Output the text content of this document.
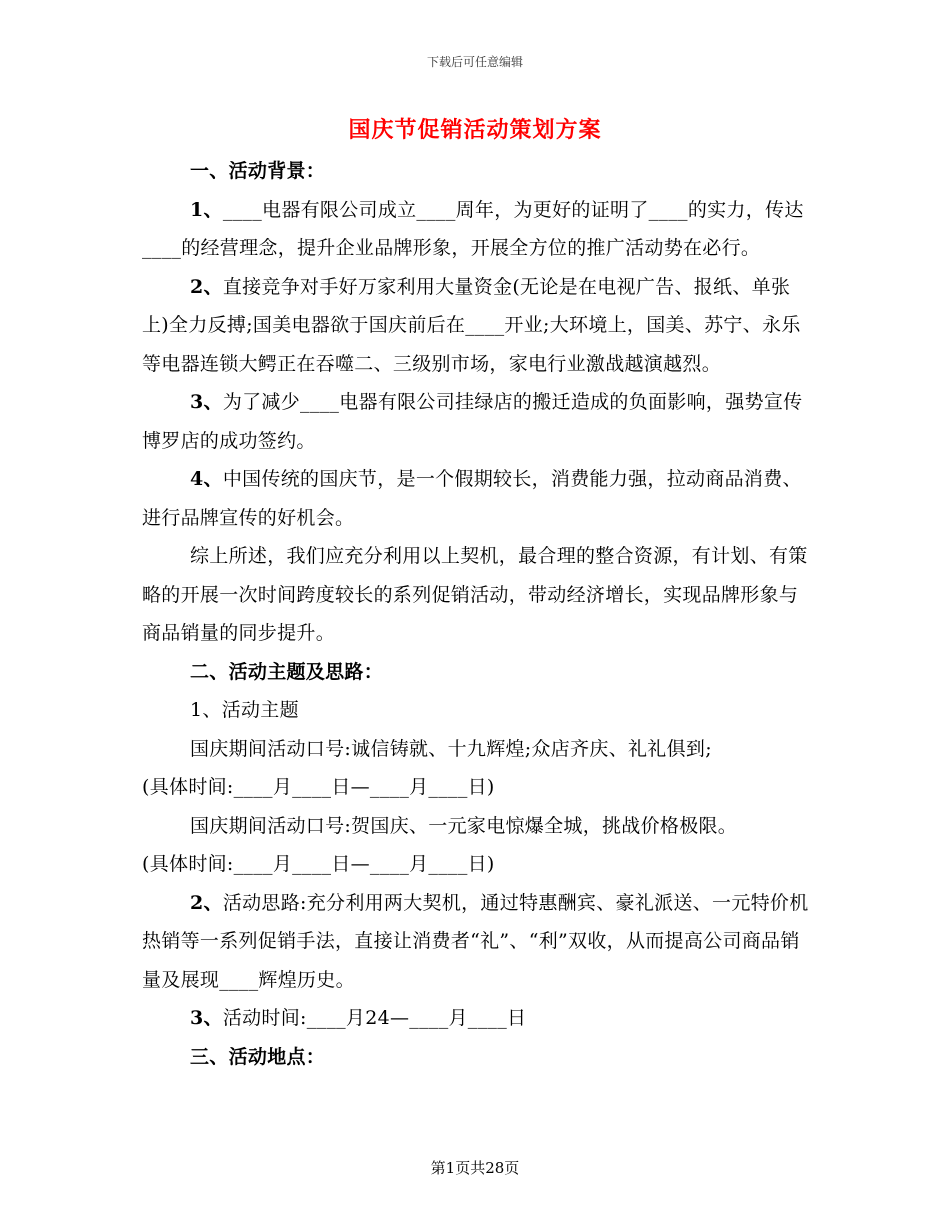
下载后可任意编辑
国庆节促销活动策划方案

一、活动背景：

1、____电器有限公司成立____周年，为更好的证明了____的实力，传达____的经营理念，提升企业品牌形象，开展全方位的推广活动势在必行。

2、直接竞争对手好万家利用大量资金(无论是在电视广告、报纸、单张上)全力反搏;国美电器欲于国庆前后在____开业;大环境上，国美、苏宁、永乐等电器连锁大鳄正在吞噬二、三级别市场，家电行业激战越演越烈。

3、为了减少____电器有限公司挂绿店的搬迁造成的负面影响，强势宣传博罗店的成功签约。

4、中国传统的国庆节，是一个假期较长，消费能力强，拉动商品消费、进行品牌宣传的好机会。

综上所述，我们应充分利用以上契机，最合理的整合资源，有计划、有策略的开展一次时间跨度较长的系列促销活动，带动经济增长，实现品牌形象与商品销量的同步提升。

二、活动主题及思路：

1、活动主题

国庆期间活动口号:诚信铸就、十九辉煌;众店齐庆、礼礼俱到;

(具体时间:____月____日—____月____日)

国庆期间活动口号:贺国庆、一元家电惊爆全城，挑战价格极限。

(具体时间:____月____日—____月____日)

2、活动思路:充分利用两大契机，通过特惠酬宾、豪礼派送、一元特价机热销等一系列促销手法，直接让消费者“礼”、“利”双收，从而提高公司商品销量及展现____辉煌历史。

3、活动时间:____月24—____月____日

三、活动地点：

第1页共28页
